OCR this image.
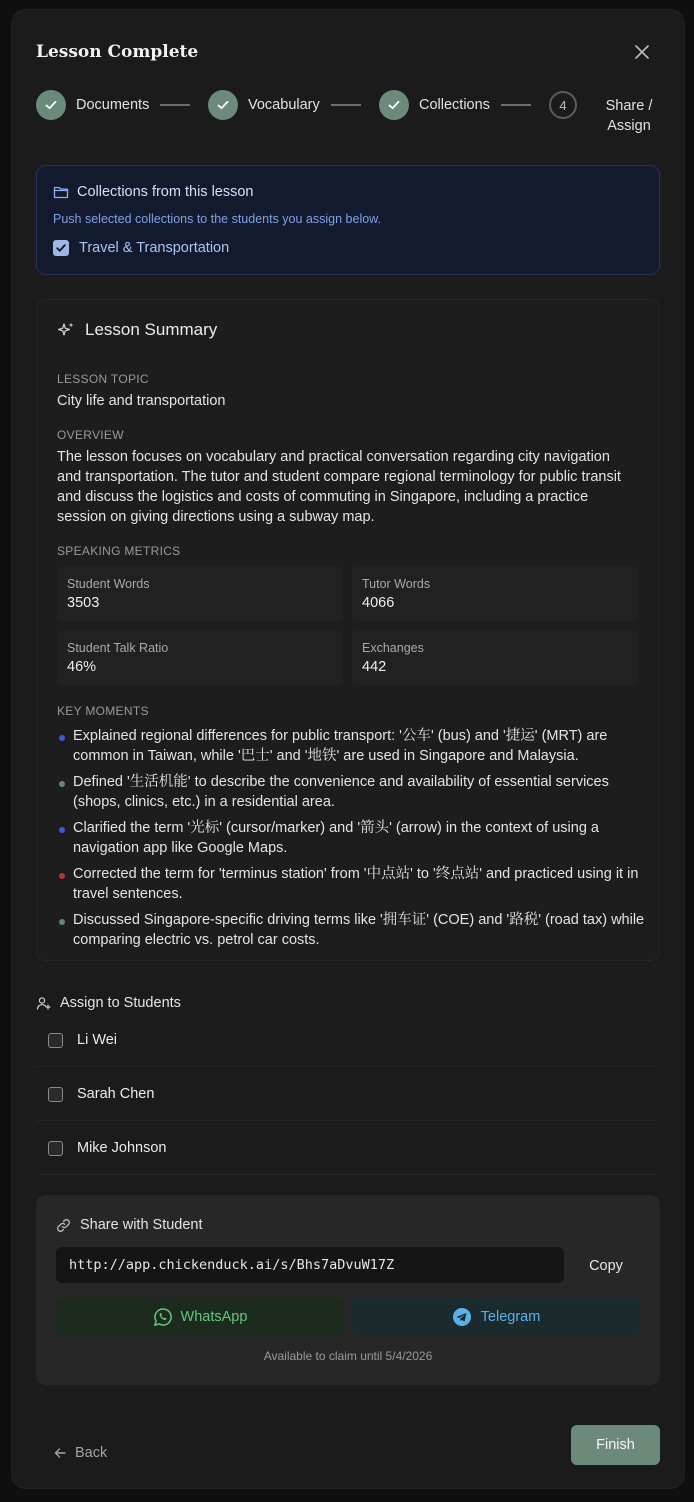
Lesson Complete
Documents	Vocabulary	Collections	4	Share /
Assign
Collections from this lesson
Push selected collections to the students you assign below.
Travel & Transportation
Lesson Summary
LESSON TOPIC
City life and transportation
OVERVIEW
The lesson focuses on vocabulary and practical conversation regarding city navigation and transportation. The tutor and student compare regional terminology for public transit and discuss the logistics and costs of commuting in Singapore, including a practice session on giving directions using a subway map.
SPEAKING METRICS
Student Words
3503
Tutor Words
4066
Student Talk Ratio
46%
Exchanges
442
KEY MOMENTS
Explained regional differences for public transport: '公车' (bus) and '捷运' (MRT) are common in Taiwan, while '巴士' and '地铁' are used in Singapore and Malaysia.
Defined '生活机能' to describe the convenience and availability of essential services (shops, clinics, etc.) in a residential area.
Clarified the term '光标' (cursor/marker) and '箭头' (arrow) in the context of using a navigation app like Google Maps.
Corrected the term for 'terminus station' from '中点站' to '终点站' and practiced using it in travel sentences.
Discussed Singapore-specific driving terms like '拥车证' (COE) and '路税' (road tax) while comparing electric vs. petrol car costs.
Assign to Students
Li Wei
Sarah Chen
Mike Johnson
Share with Student
http://app.chickenduck.ai/s/Bhs7aDvuW17Z	Copy
WhatsApp	Telegram
Available to claim until 5/4/2026
Back	Finish
